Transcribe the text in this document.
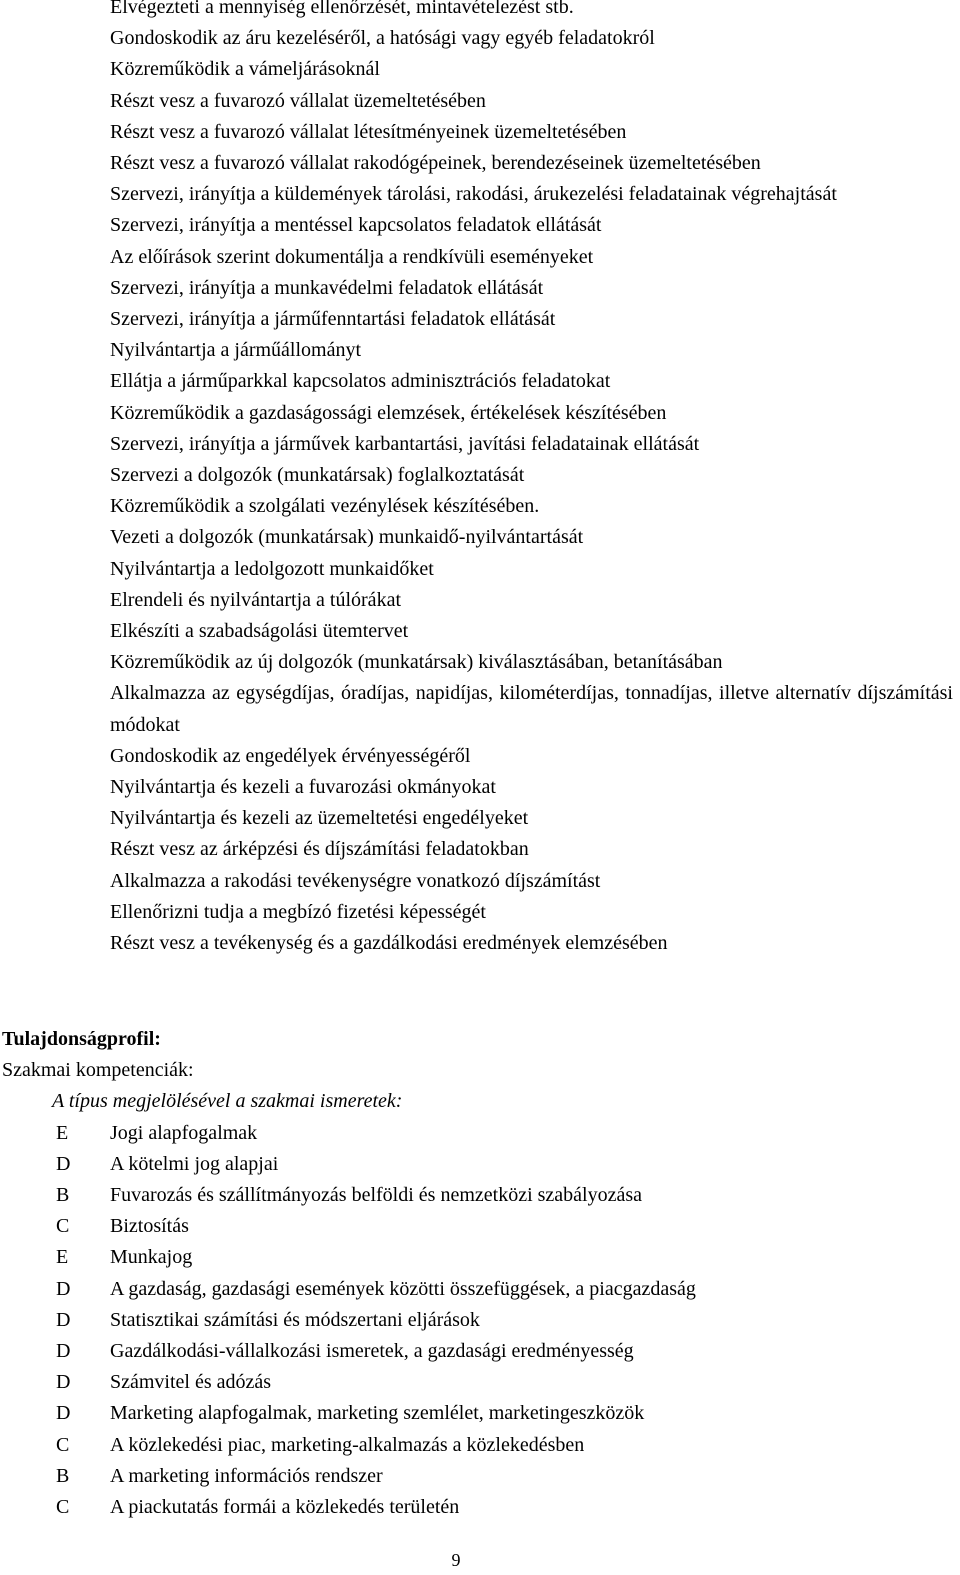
Elvégezteti a mennyiség ellenőrzését, mintavételezést stb.
Gondoskodik az áru kezeléséről, a hatósági vagy egyéb feladatokról
Közreműködik a vámeljárásoknál
Részt vesz a fuvarozó vállalat üzemeltetésében
Részt vesz a fuvarozó vállalat létesítményeinek üzemeltetésében
Részt vesz a fuvarozó vállalat rakodógépeinek, berendezéseinek üzemeltetésében
Szervezi, irányítja a küldemények tárolási, rakodási, árukezelési feladatainak végrehajtását
Szervezi, irányítja a mentéssel kapcsolatos feladatok ellátását
Az előírások szerint dokumentálja a rendkívüli eseményeket
Szervezi, irányítja a munkavédelmi feladatok ellátását
Szervezi, irányítja a járműfenntartási feladatok ellátását
Nyilvántartja a járműállományt
Ellátja a járműparkkal kapcsolatos adminisztrációs feladatokat
Közreműködik a gazdaságossági elemzések, értékelések készítésében
Szervezi, irányítja a járművek karbantartási, javítási feladatainak ellátását
Szervezi a dolgozók (munkatársak) foglalkoztatását
Közreműködik a szolgálati vezénylések készítésében.
Vezeti a dolgozók (munkatársak) munkaidő-nyilvántartását
Nyilvántartja a ledolgozott munkaidőket
Elrendeli és nyilvántartja a túlórákat
Elkészíti a szabadságolási ütemtervet
Közreműködik az új dolgozók (munkatársak) kiválasztásában, betanításában
Alkalmazza az egységdíjas, óradíjas, napidíjas, kilométerdíjas, tonnadíjas, illetve alternatív díjszámítási módokat
Gondoskodik az engedélyek érvényességéről
Nyilvántartja és kezeli a fuvarozási okmányokat
Nyilvántartja és kezeli az üzemeltetési engedélyeket
Részt vesz az árképzési és díjszámítási feladatokban
Alkalmazza a rakodási tevékenységre vonatkozó díjszámítást
Ellenőrizni tudja a megbízó fizetési képességét
Részt vesz a tevékenység és a gazdálkodási eredmények elemzésében

Tulajdonságprofil:

Szakmai kompetenciák:

A típus megjelölésével a szakmai ismeretek:

E	Jogi alapfogalmak
D	A kötelmi jog alapjai
B	Fuvarozás és szállítmányozás belföldi és nemzetközi szabályozása
C	Biztosítás
E	Munkajog
D	A gazdaság, gazdasági események közötti összefüggések, a piacgazdaság
D	Statisztikai számítási és módszertani eljárások
D	Gazdálkodási-vállalkozási ismeretek, a gazdasági eredményesség
D	Számvitel és adózás
D	Marketing alapfogalmak, marketing szemlélet, marketingeszközök
C	A közlekedési piac, marketing-alkalmazás a közlekedésben
B	A marketing információs rendszer
C	A piackutatás formái a közlekedés területén
9
